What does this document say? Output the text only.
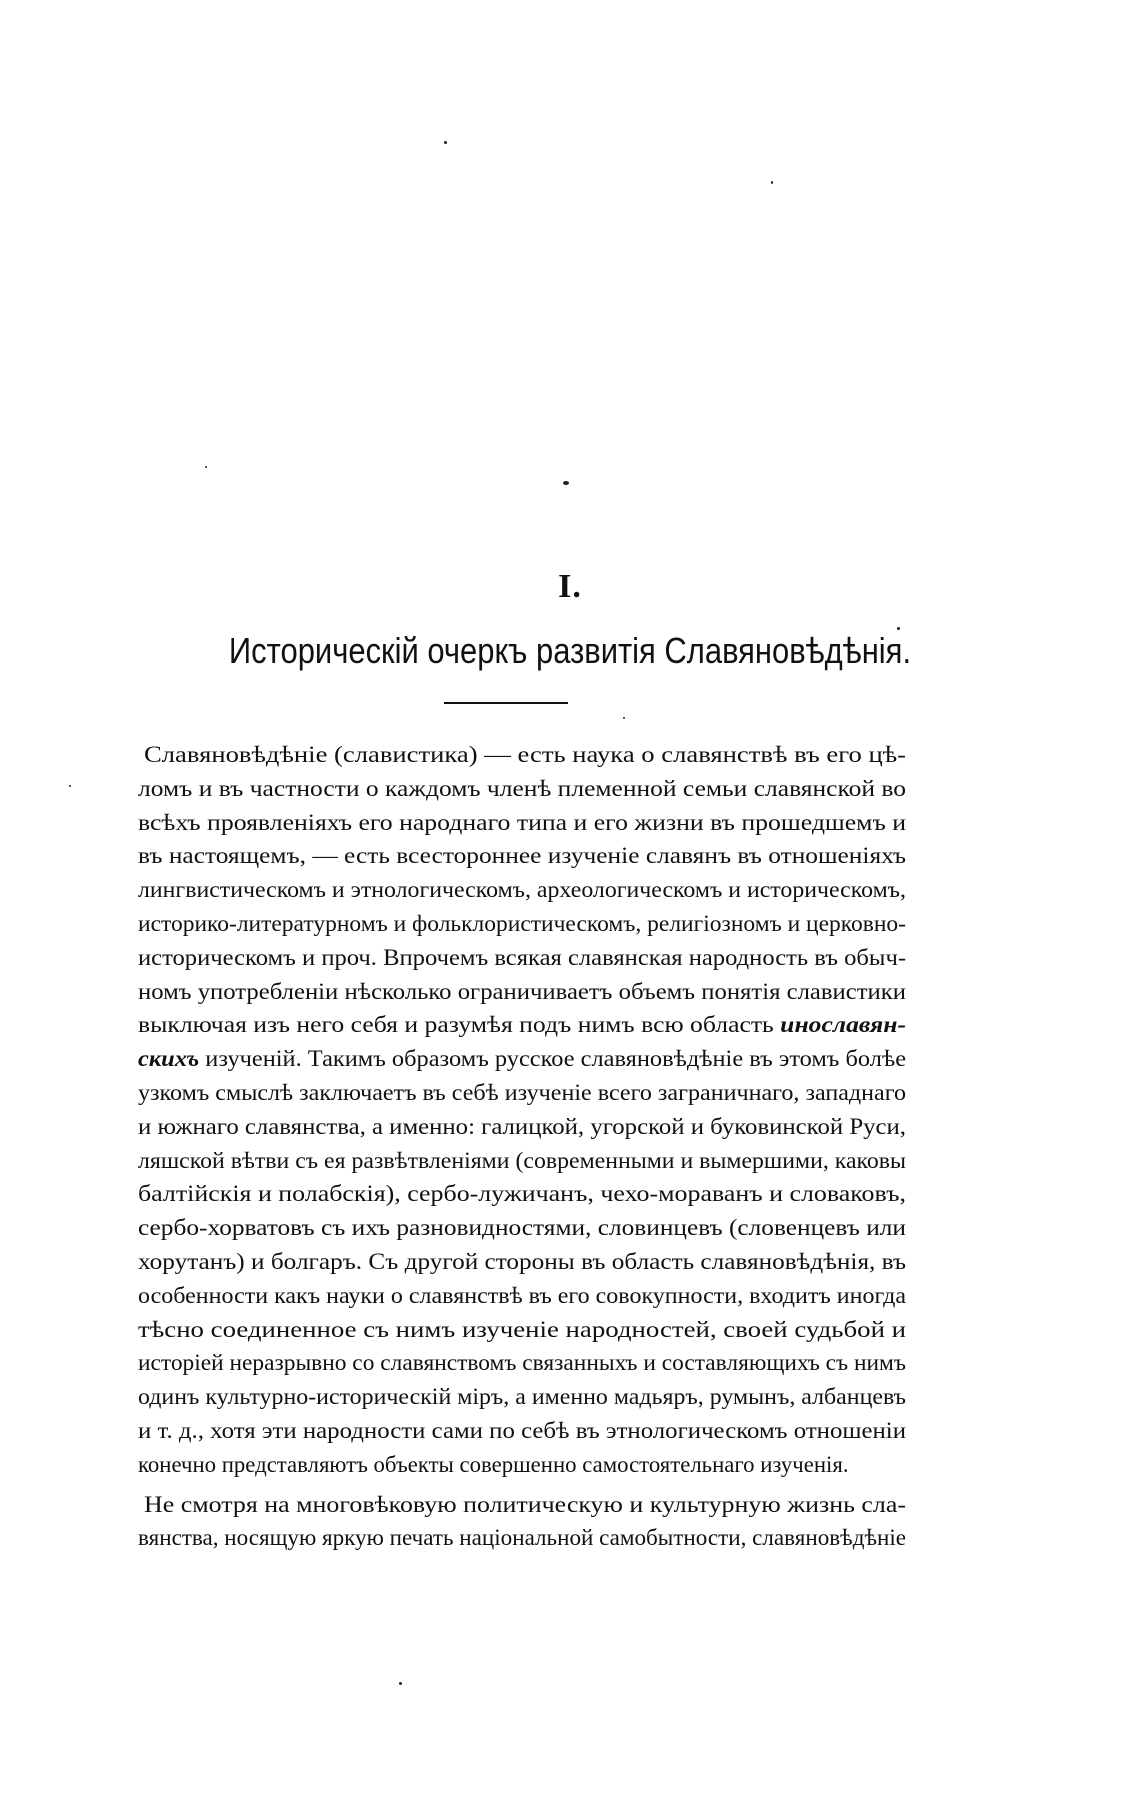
I.
Историческій очеркъ развитія Славяновѣдѣнія.
Славяновѣдѣніе (славистика) — есть наука о славянствѣ въ его цѣ-
ломъ и въ частности о каждомъ членѣ племенной семьи славянской во
всѣхъ проявленіяхъ его народнаго типа и его жизни въ прошедшемъ и
въ настоящемъ, — есть всестороннее изученіе славянъ въ отношеніяхъ
лингвистическомъ и этнологическомъ, археологическомъ и историческомъ,
историко-литературномъ и фольклористическомъ, религіозномъ и церковно-
историческомъ и проч. Впрочемъ всякая славянская народность въ обыч-
номъ употребленіи нѣсколько ограничиваетъ объемъ понятія славистики
выключая изъ него себя и разумѣя подъ нимъ всю область инославян-
скихъ изученій. Такимъ образомъ русское славяновѣдѣніе въ этомъ болѣе
узкомъ смыслѣ заключаетъ въ себѣ изученіе всего заграничнаго, западнаго
и южнаго славянства, а именно: галицкой, угорской и буковинской Руси,
ляшской вѣтви съ ея развѣтвленіями (современными и вымершими, каковы
балтійскія и полабскія), сербо-лужичанъ, чехо-мораванъ и словаковъ,
сербо-хорватовъ съ ихъ разновидностями, словинцевъ (словенцевъ или
хорутанъ) и болгаръ. Съ другой стороны въ область славяновѣдѣнія, въ
особенности какъ науки о славянствѣ въ его совокупности, входитъ иногда
тѣсно соединенное съ нимъ изученіе народностей, своей судьбой и
исторіей неразрывно со славянствомъ связанныхъ и составляющихъ съ нимъ
одинъ культурно-историческій міръ, а именно мадьяръ, румынъ, албанцевъ
и т. д., хотя эти народности сами по себѣ въ этнологическомъ отношеніи
конечно представляютъ объекты совершенно самостоятельнаго изученія.
Не смотря на многовѣковую политическую и культурную жизнь сла-
вянства, носящую яркую печать національной самобытности, славяновѣдѣніе
